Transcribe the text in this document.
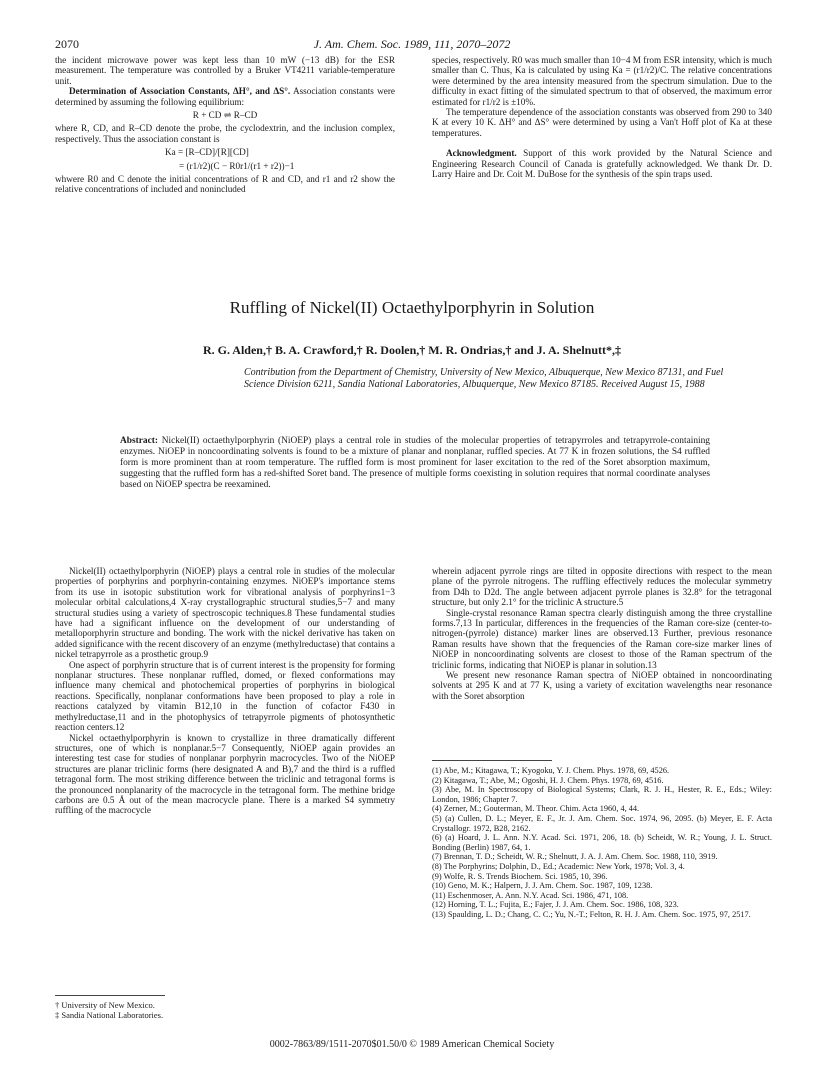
2070	J. Am. Chem. Soc. 1989, 111, 2070–2072

the incident microwave power was kept less than 10 mW (−13 dB) for the ESR measurement. The temperature was controlled by a Bruker VT4211 variable-temperature unit.

Determination of Association Constants, ΔH°, and ΔS°. Association constants were determined by assuming the following equilibrium:

R + CD ⇌ R–CD

where R, CD, and R–CD denote the probe, the cyclodextrin, and the inclusion complex, respectively. Thus the association constant is

Ka = [R–CD]/[R][CD]
= (r1/r2)(C − R0r1/(r1 + r2))−1

whwere R0 and C denote the initial concentrations of R and CD, and r1 and r2 show the relative concentrations of included and nonincluded

species, respectively. R0 was much smaller than 10−4 M from ESR intensity, which is much smaller than C. Thus, Ka is calculated by using Ka = (r1/r2)/C. The relative concentrations were determined by the area intensity measured from the spectrum simulation. Due to the difficulty in exact fitting of the simulated spectrum to that of observed, the maximum error estimated for r1/r2 is ±10%.

The temperature dependence of the association constants was observed from 290 to 340 K at every 10 K. ΔH° and ΔS° were determined by using a Van't Hoff plot of Ka at these temperatures.

Acknowledgment. Support of this work provided by the Natural Science and Engineering Research Council of Canada is gratefully acknowledged. We thank Dr. D. Larry Haire and Dr. Coit M. DuBose for the synthesis of the spin traps used.

Ruffling of Nickel(II) Octaethylporphyrin in Solution
R. G. Alden,† B. A. Crawford,† R. Doolen,† M. R. Ondrias,† and J. A. Shelnutt*,‡
Contribution from the Department of Chemistry, University of New Mexico, Albuquerque, New Mexico 87131, and Fuel Science Division 6211, Sandia National Laboratories, Albuquerque, New Mexico 87185. Received August 15, 1988
Abstract: Nickel(II) octaethylporphyrin (NiOEP) plays a central role in studies of the molecular properties of tetrapyrroles and tetrapyrrole-containing enzymes. NiOEP in noncoordinating solvents is found to be a mixture of planar and nonplanar, ruffled species. At 77 K in frozen solutions, the S4 ruffled form is more prominent than at room temperature. The ruffled form is most prominent for laser excitation to the red of the Soret absorption maximum, suggesting that the ruffled form has a red-shifted Soret band. The presence of multiple forms coexisting in solution requires that normal coordinate analyses based on NiOEP spectra be reexamined.

Nickel(II) octaethylporphyrin (NiOEP) plays a central role in studies of the molecular properties of porphyrins and porphyrin-containing enzymes. NiOEP's importance stems from its use in isotopic substitution work for vibrational analysis of porphyrins1−3 molecular orbital calculations,4 X-ray crystallographic structural studies,5−7 and many structural studies using a variety of spectroscopic techniques.8 These fundamental studies have had a significant influence on the development of our understanding of metalloporphyrin structure and bonding. The work with the nickel derivative has taken on added significance with the recent discovery of an enzyme (methylreductase) that contains a nickel tetrapyrrole as a prosthetic group.9

One aspect of porphyrin structure that is of current interest is the propensity for forming nonplanar structures. These nonplanar ruffled, domed, or flexed conformations may influence many chemical and photochemical properties of porphyrins in biological reactions. Specifically, nonplanar conformations have been proposed to play a role in reactions catalyzed by vitamin B12,10 in the function of cofactor F430 in methylreductase,11 and in the photophysics of tetrapyrrole pigments of photosynthetic reaction centers.12

Nickel octaethylporphyrin is known to crystallize in three dramatically different structures, one of which is nonplanar.5−7 Consequently, NiOEP again provides an interesting test case for studies of nonplanar porphyrin macrocycles. Two of the NiOEP structures are planar triclinic forms (here designated A and B),7 and the third is a ruffled tetragonal form. The most striking difference between the triclinic and tetragonal forms is the pronounced nonplanarity of the macrocycle in the tetragonal form. The methine bridge carbons are 0.5 Å out of the mean macrocycle plane. There is a marked S4 symmetry ruffling of the macrocycle

wherein adjacent pyrrole rings are tilted in opposite directions with respect to the mean plane of the pyrrole nitrogens. The ruffling effectively reduces the molecular symmetry from D4h to D2d. The angle between adjacent pyrrole planes is 32.8° for the tetragonal structure, but only 2.1° for the triclinic A structure.5

Single-crystal resonance Raman spectra clearly distinguish among the three crystalline forms.7,13 In particular, differences in the frequencies of the Raman core-size (center-to-nitrogen-(pyrrole) distance) marker lines are observed.13 Further, previous resonance Raman results have shown that the frequencies of the Raman core-size marker lines of NiOEP in noncoordinating solvents are closest to those of the Raman spectrum of the triclinic forms, indicating that NiOEP is planar in solution.13

We present new resonance Raman spectra of NiOEP obtained in noncoordinating solvents at 295 K and at 77 K, using a variety of excitation wavelengths near resonance with the Soret absorption

(1) Abe, M.; Kitagawa, T.; Kyogoku, Y. J. Chem. Phys. 1978, 69, 4526.

(2) Kitagawa, T.; Abe, M.; Ogoshi, H. J. Chem. Phys. 1978, 69, 4516.

(3) Abe, M. In Spectroscopy of Biological Systems; Clark, R. J. H., Hester, R. E., Eds.; Wiley: London, 1986; Chapter 7.

(4) Zerner, M.; Gouterman, M. Theor. Chim. Acta 1960, 4, 44.

(5) (a) Cullen, D. L.; Meyer, E. F., Jr. J. Am. Chem. Soc. 1974, 96, 2095. (b) Meyer, E. F. Acta Crystallogr. 1972, B28, 2162.

(6) (a) Hoard, J. L. Ann. N.Y. Acad. Sci. 1971, 206, 18. (b) Scheidt, W. R.; Young, J. L. Struct. Bonding (Berlin) 1987, 64, 1.

(7) Brennan, T. D.; Scheidt, W. R.; Shelnutt, J. A. J. Am. Chem. Soc. 1988, 110, 3919.

(8) The Porphyrins; Dolphin, D., Ed.; Academic: New York, 1978; Vol. 3, 4.

(9) Wolfe, R. S. Trends Biochem. Sci. 1985, 10, 396.

(10) Geno, M. K.; Halpern, J. J. Am. Chem. Soc. 1987, 109, 1238.

(11) Eschenmoser, A. Ann. N.Y. Acad. Sci. 1986, 471, 108.

(12) Horning, T. L.; Fujita, E.; Fajer, J. J. Am. Chem. Soc. 1986, 108, 323.

(13) Spaulding, L. D.; Chang, C. C.; Yu, N.-T.; Felton, R. H. J. Am. Chem. Soc. 1975, 97, 2517.

† University of New Mexico.
‡ Sandia National Laboratories.
0002-7863/89/1511-2070$01.50/0 © 1989 American Chemical Society
